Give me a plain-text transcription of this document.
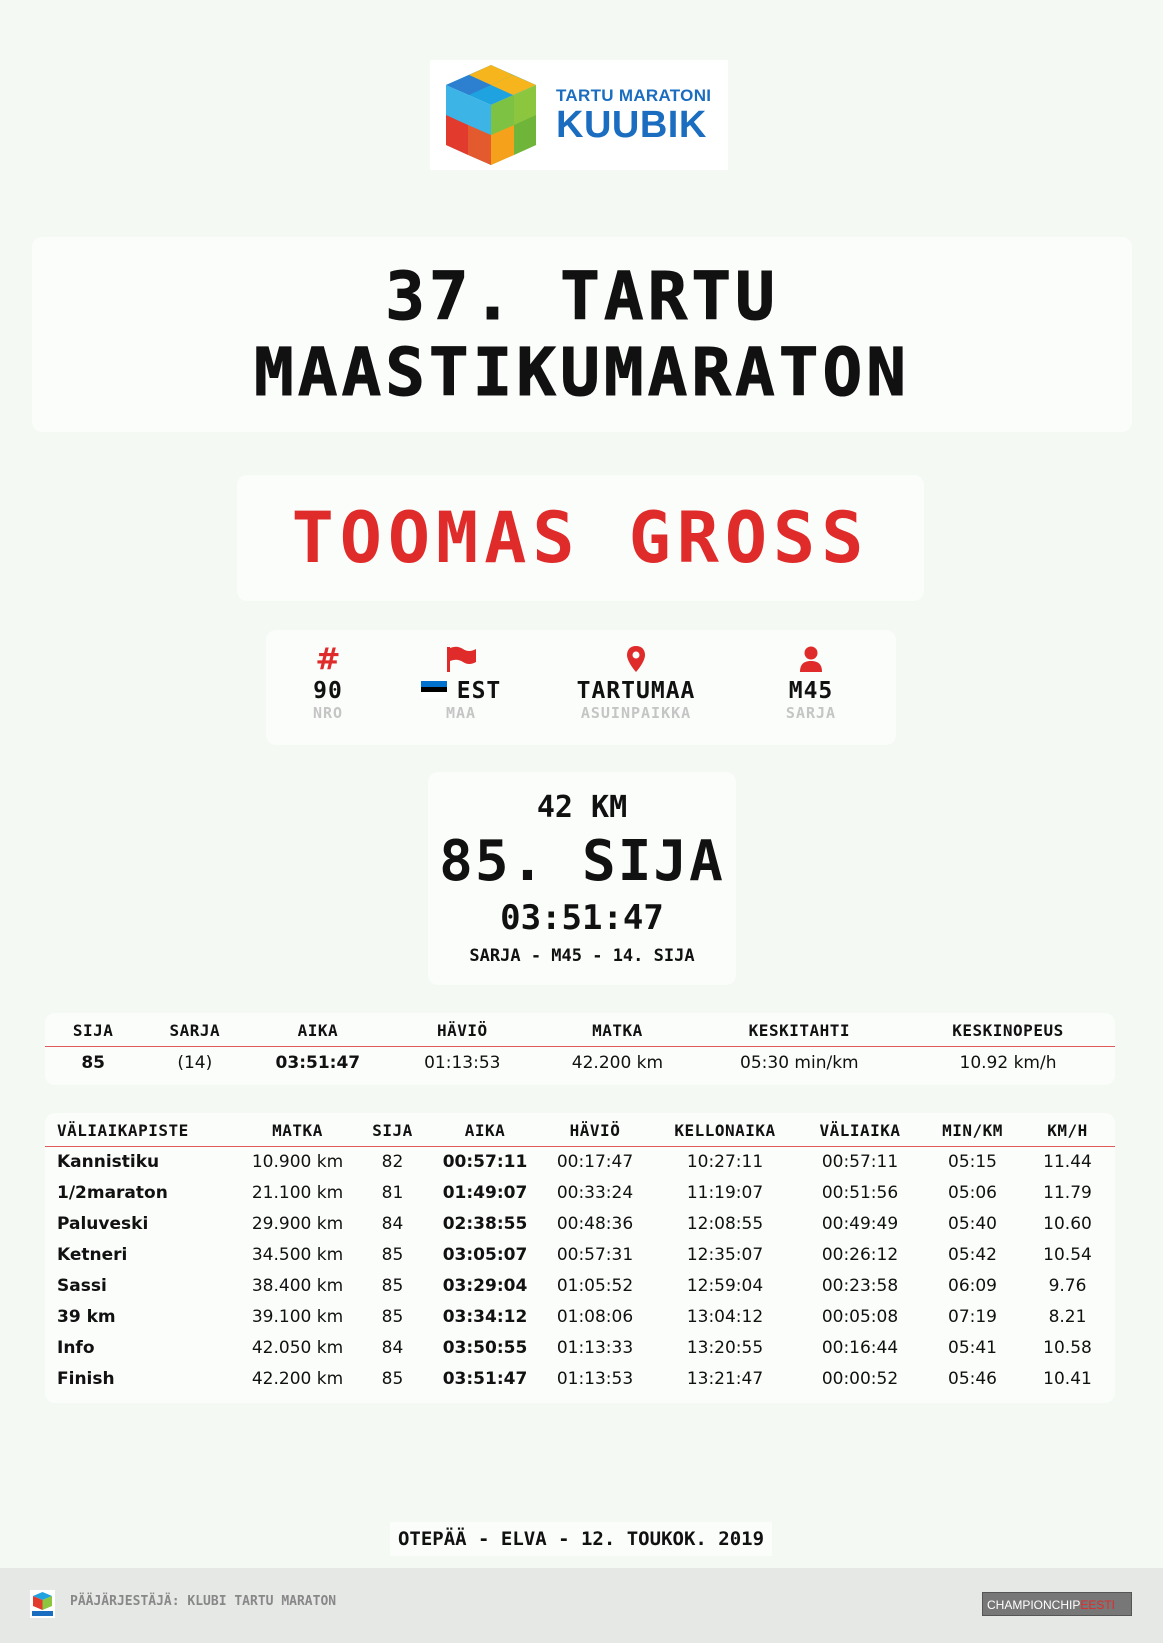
TARTU MARATONI
KUUBIK
37. TARTU
MAASTIKUMARATON
TOOMAS GROSS
#
90
NRO
EST
MAA
TARTUMAA
ASUINPAIKKA
M45
SARJA
42 KM
85. SIJA
03:51:47
SARJA - M45 - 14. SIJA
SIJA	SARJA	AIKA	HÄVIÖ	MATKA	KESKITAHTI	KESKINOPEUS
85	(14)	03:51:47	01:13:53	42.200 km	05:30 min/km	10.92 km/h
VÄLIAIKAPISTE	MATKA	SIJA	AIKA	HÄVIÖ	KELLONAIKA	VÄLIAIKA	MIN/KM	KM/H
Kannistiku	10.900 km	82	00:57:11	00:17:47	10:27:11	00:57:11	05:15	11.44
1/2maraton	21.100 km	81	01:49:07	00:33:24	11:19:07	00:51:56	05:06	11.79
Paluveski	29.900 km	84	02:38:55	00:48:36	12:08:55	00:49:49	05:40	10.60
Ketneri	34.500 km	85	03:05:07	00:57:31	12:35:07	00:26:12	05:42	10.54
Sassi	38.400 km	85	03:29:04	01:05:52	12:59:04	00:23:58	06:09	9.76
39 km	39.100 km	85	03:34:12	01:08:06	13:04:12	00:05:08	07:19	8.21
Info	42.050 km	84	03:50:55	01:13:33	13:20:55	00:16:44	05:41	10.58
Finish	42.200 km	85	03:51:47	01:13:53	13:21:47	00:00:52	05:46	10.41
OTEPÄÄ - ELVA - 12. TOUKOK. 2019
PÄÄJÄRJESTÄJÄ: KLUBI TARTU MARATON	CHAMPIONCHIPEESTI
